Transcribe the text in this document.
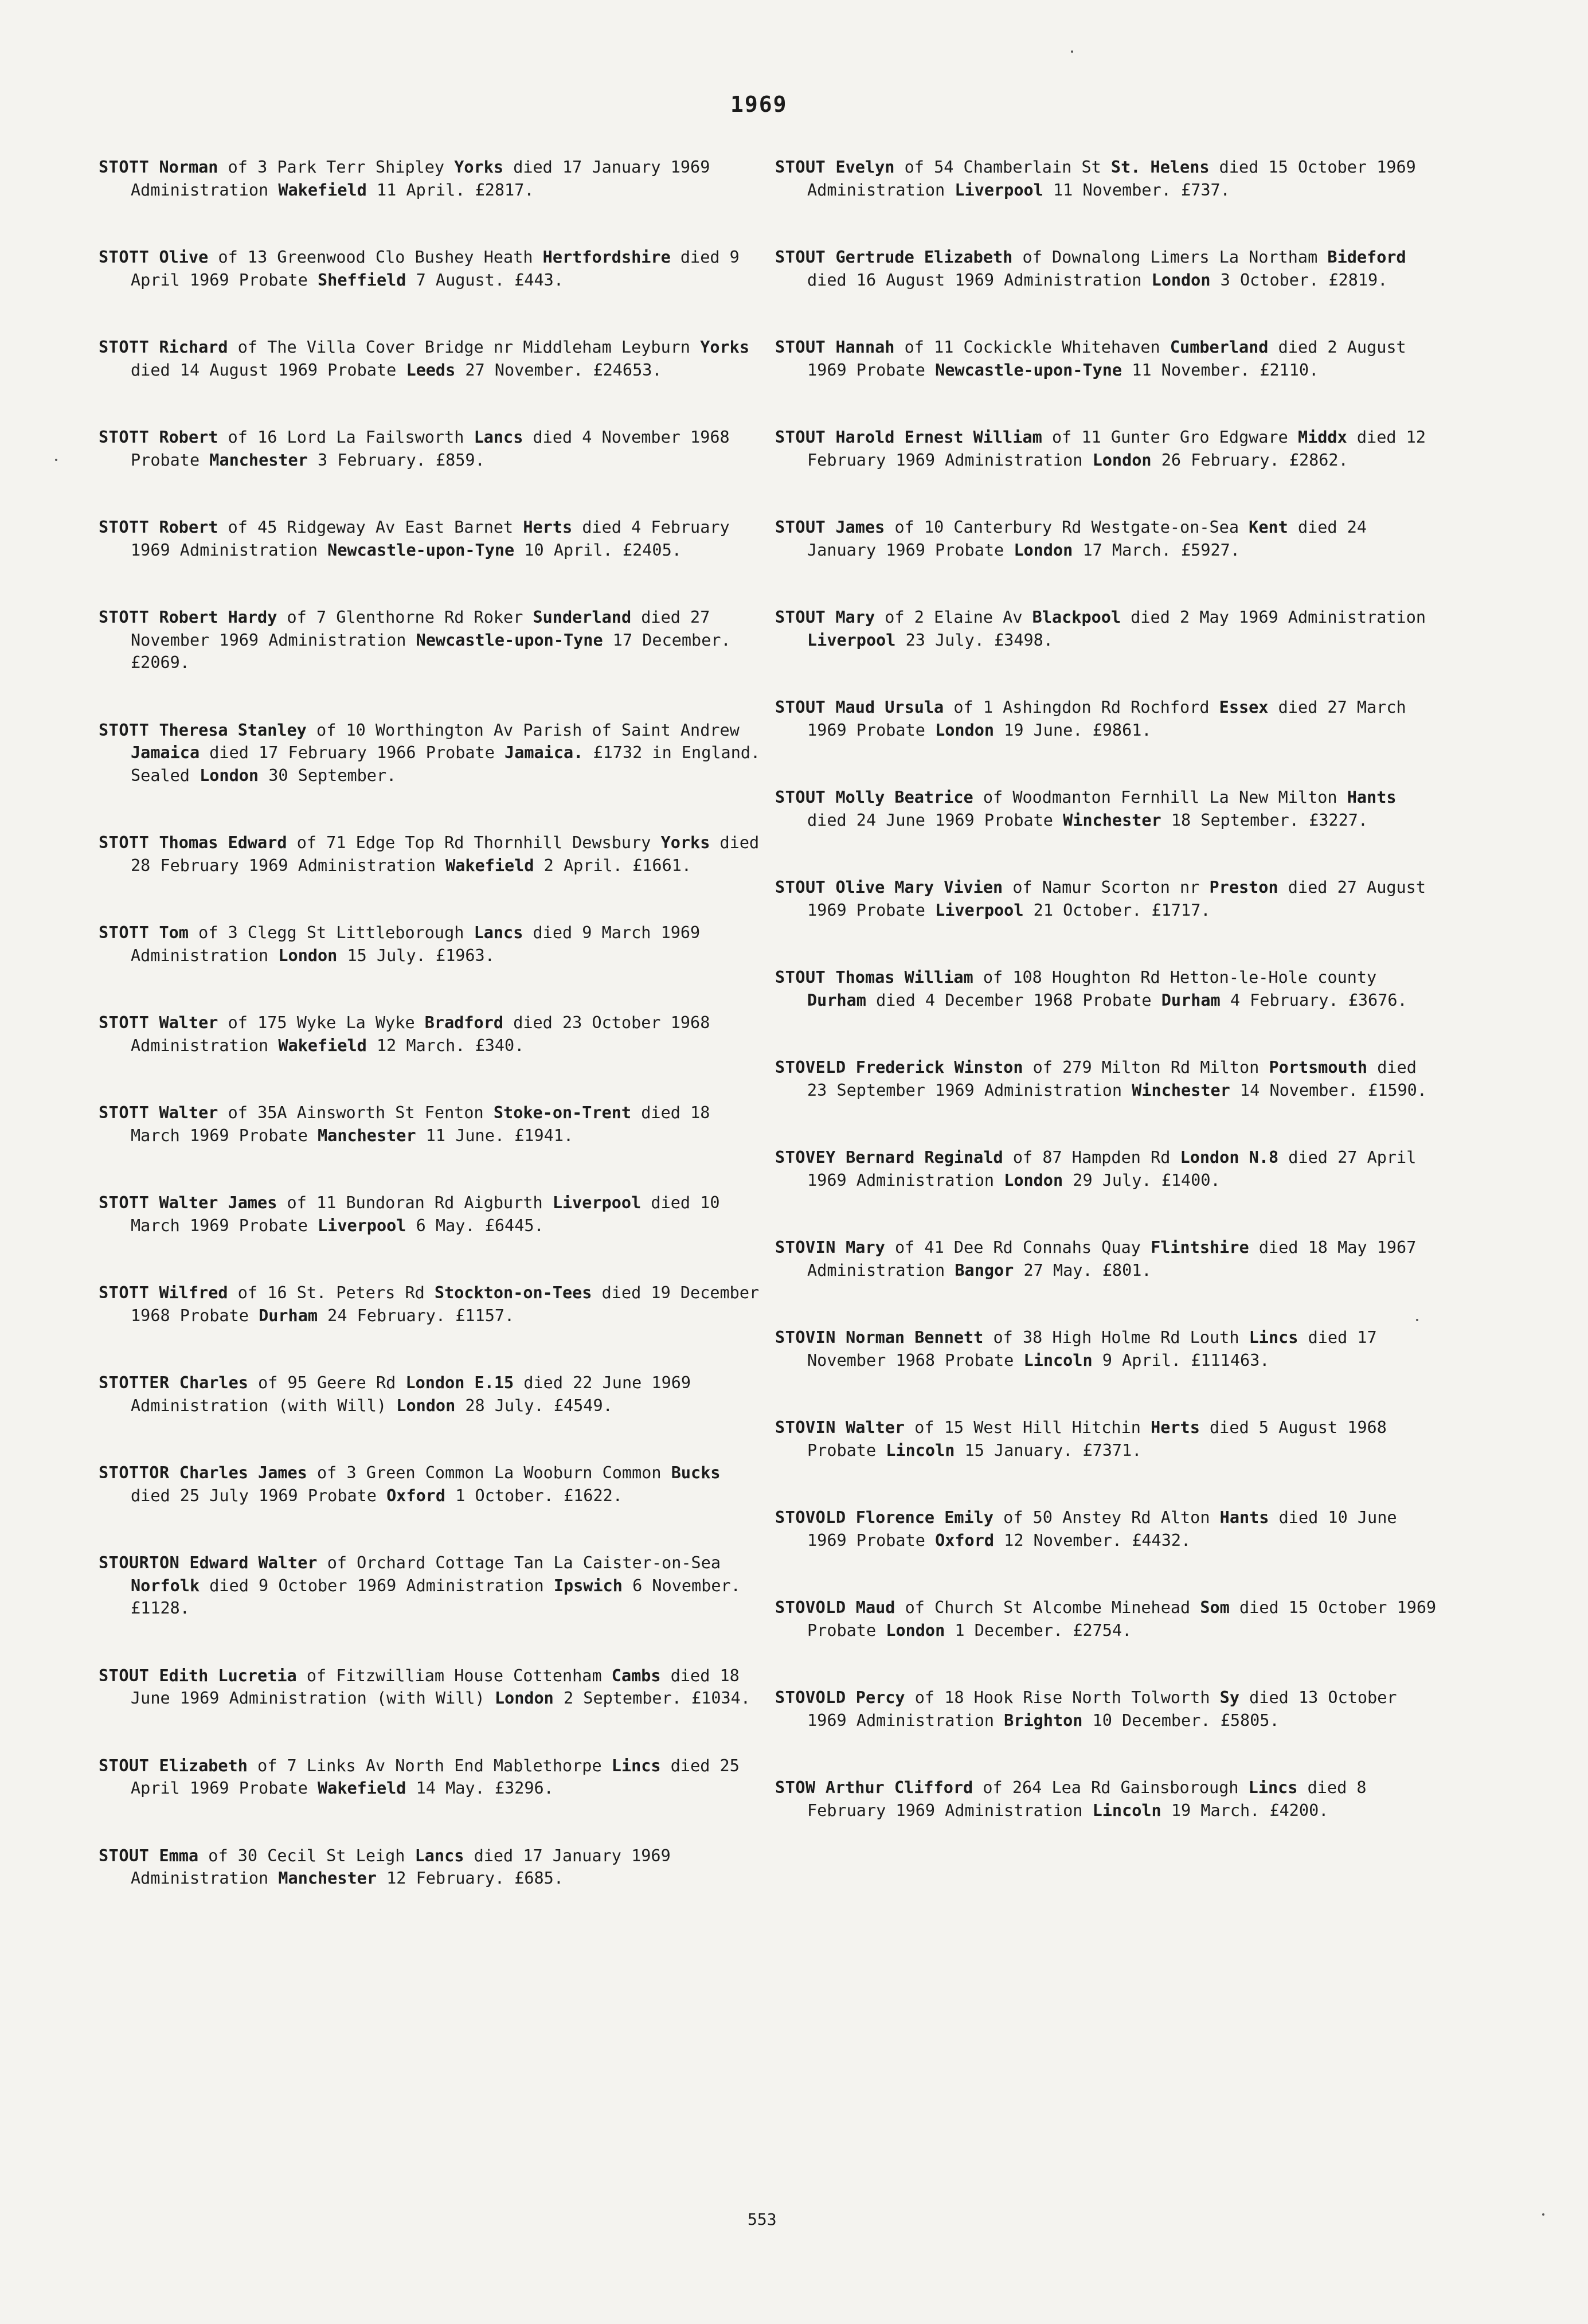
1969

STOTT Norman of 3 Park Terr Shipley Yorks died 17 January 1969 Administration Wakefield 11 April. £2817.

STOTT Olive of 13 Greenwood Clo Bushey Heath Hertfordshire died 9 April 1969 Probate Sheffield 7 August. £443.

STOTT Richard of The Villa Cover Bridge nr Middleham Leyburn Yorks died 14 August 1969 Probate Leeds 27 November. £24653.

STOTT Robert of 16 Lord La Failsworth Lancs died 4 November 1968 Probate Manchester 3 February. £859.

STOTT Robert of 45 Ridgeway Av East Barnet Herts died 4 February 1969 Administration Newcastle-upon-Tyne 10 April. £2405.

STOTT Robert Hardy of 7 Glenthorne Rd Roker Sunderland died 27 November 1969 Administration Newcastle-upon-Tyne 17 December. £2069.

STOTT Theresa Stanley of 10 Worthington Av Parish of Saint Andrew Jamaica died 17 February 1966 Probate Jamaica. £1732 in England. Sealed London 30 September.

STOTT Thomas Edward of 71 Edge Top Rd Thornhill Dewsbury Yorks died 28 February 1969 Administration Wakefield 2 April. £1661.

STOTT Tom of 3 Clegg St Littleborough Lancs died 9 March 1969 Administration London 15 July. £1963.

STOTT Walter of 175 Wyke La Wyke Bradford died 23 October 1968 Administration Wakefield 12 March. £340.

STOTT Walter of 35A Ainsworth St Fenton Stoke-on-Trent died 18 March 1969 Probate Manchester 11 June. £1941.

STOTT Walter James of 11 Bundoran Rd Aigburth Liverpool died 10 March 1969 Probate Liverpool 6 May. £6445.

STOTT Wilfred of 16 St. Peters Rd Stockton-on-Tees died 19 December 1968 Probate Durham 24 February. £1157.

STOTTER Charles of 95 Geere Rd London E.15 died 22 June 1969 Administration (with Will) London 28 July. £4549.

STOTTOR Charles James of 3 Green Common La Wooburn Common Bucks died 25 July 1969 Probate Oxford 1 October. £1622.

STOURTON Edward Walter of Orchard Cottage Tan La Caister-on-Sea Norfolk died 9 October 1969 Administration Ipswich 6 November. £1128.

STOUT Edith Lucretia of Fitzwilliam House Cottenham Cambs died 18 June 1969 Administration (with Will) London 2 September. £1034.

STOUT Elizabeth of 7 Links Av North End Mablethorpe Lincs died 25 April 1969 Probate Wakefield 14 May. £3296.

STOUT Emma of 30 Cecil St Leigh Lancs died 17 January 1969 Administration Manchester 12 February. £685.

STOUT Evelyn of 54 Chamberlain St St. Helens died 15 October 1969 Administration Liverpool 11 November. £737.

STOUT Gertrude Elizabeth of Downalong Limers La Northam Bideford died 16 August 1969 Administration London 3 October. £2819.

STOUT Hannah of 11 Cockickle Whitehaven Cumberland died 2 August 1969 Probate Newcastle-upon-Tyne 11 November. £2110.

STOUT Harold Ernest William of 11 Gunter Gro Edgware Middx died 12 February 1969 Administration London 26 February. £2862.

STOUT James of 10 Canterbury Rd Westgate-on-Sea Kent died 24 January 1969 Probate London 17 March. £5927.

STOUT Mary of 2 Elaine Av Blackpool died 2 May 1969 Administration Liverpool 23 July. £3498.

STOUT Maud Ursula of 1 Ashingdon Rd Rochford Essex died 27 March 1969 Probate London 19 June. £9861.

STOUT Molly Beatrice of Woodmanton Fernhill La New Milton Hants died 24 June 1969 Probate Winchester 18 September. £3227.

STOUT Olive Mary Vivien of Namur Scorton nr Preston died 27 August 1969 Probate Liverpool 21 October. £1717.

STOUT Thomas William of 108 Houghton Rd Hetton-le-Hole county Durham died 4 December 1968 Probate Durham 4 February. £3676.

STOVELD Frederick Winston of 279 Milton Rd Milton Portsmouth died 23 September 1969 Administration Winchester 14 November. £1590.

STOVEY Bernard Reginald of 87 Hampden Rd London N.8 died 27 April 1969 Administration London 29 July. £1400.

STOVIN Mary of 41 Dee Rd Connahs Quay Flintshire died 18 May 1967 Administration Bangor 27 May. £801.

STOVIN Norman Bennett of 38 High Holme Rd Louth Lincs died 17 November 1968 Probate Lincoln 9 April. £111463.

STOVIN Walter of 15 West Hill Hitchin Herts died 5 August 1968 Probate Lincoln 15 January. £7371.

STOVOLD Florence Emily of 50 Anstey Rd Alton Hants died 10 June 1969 Probate Oxford 12 November. £4432.

STOVOLD Maud of Church St Alcombe Minehead Som died 15 October 1969 Probate London 1 December. £2754.

STOVOLD Percy of 18 Hook Rise North Tolworth Sy died 13 October 1969 Administration Brighton 10 December. £5805.

STOW Arthur Clifford of 264 Lea Rd Gainsborough Lincs died 8 February 1969 Administration Lincoln 19 March. £4200.

553
